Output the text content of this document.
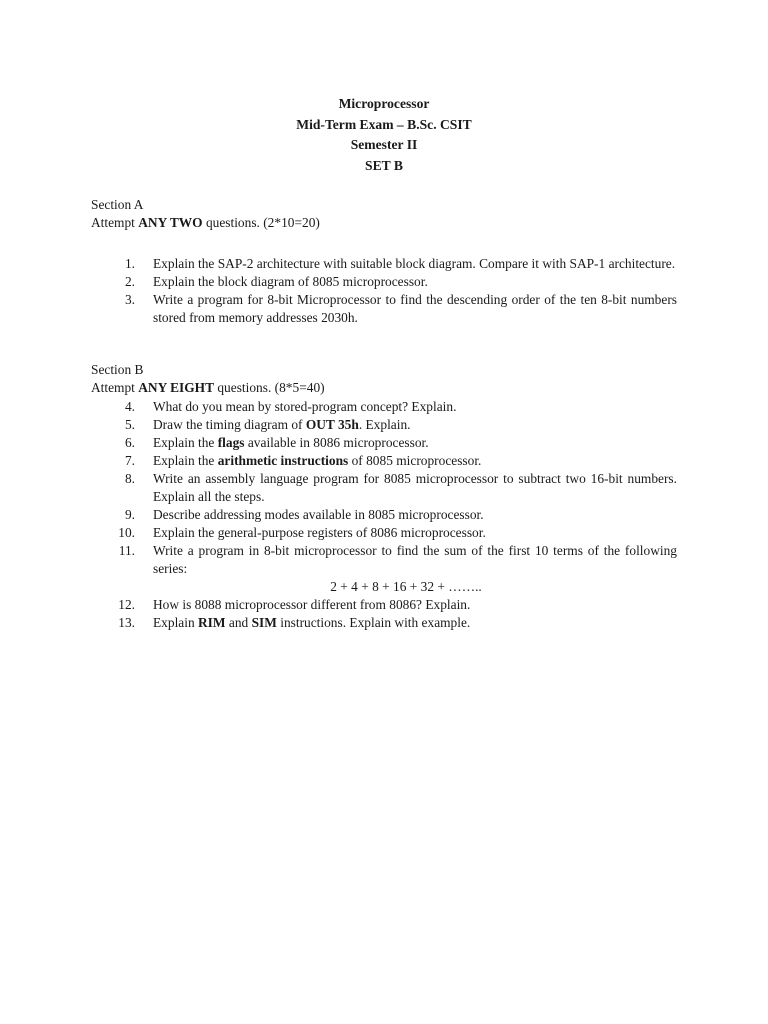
Microprocessor
Mid-Term Exam – B.Sc. CSIT
Semester II
SET B
Section A
Attempt ANY TWO questions. (2*10=20)
1.	Explain the SAP-2 architecture with suitable block diagram. Compare it with SAP-1 architecture.
2.	Explain the block diagram of 8085 microprocessor.
3.	Write a program for 8-bit Microprocessor to find the descending order of the ten 8-bit numbers stored from memory addresses 2030h.
Section B
Attempt ANY EIGHT questions. (8*5=40)
4.	What do you mean by stored-program concept? Explain.
5.	Draw the timing diagram of OUT 35h. Explain.
6.	Explain the flags available in 8086 microprocessor.
7.	Explain the arithmetic instructions of 8085 microprocessor.
8.	Write an assembly language program for 8085 microprocessor to subtract two 16-bit numbers. Explain all the steps.
9.	Describe addressing modes available in 8085 microprocessor.
10.	Explain the general-purpose registers of 8086 microprocessor.
11.	Write a program in 8-bit microprocessor to find the sum of the first 10 terms of the following series:
2 + 4 + 8 + 16 + 32 + ……..
12.	How is 8088 microprocessor different from 8086? Explain.
13.	Explain RIM and SIM instructions. Explain with example.
